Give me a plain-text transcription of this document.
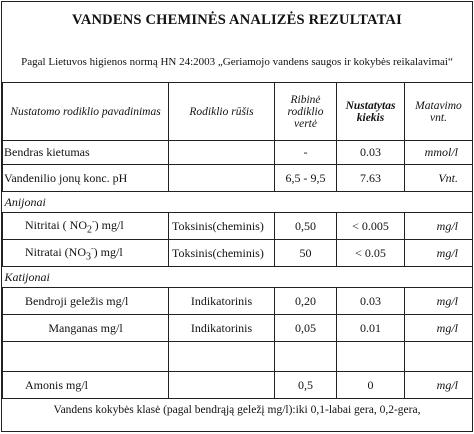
VANDENS CHEMINĖS ANALIZĖS REZULTATAI
Pagal Lietuvos higienos normą HN 24:2003 „Geriamojo vandens saugos ir kokybės reikalavimai“
Nustatomo rodiklio pavadinimas	Rodiklio rūšis	Ribinė rodiklio vertė	Nustatytas kiekis	Matavimo vnt.
Bendras kietumas		-	0.03	mmol/l
Vandenilio jonų konc. pH		6,5 - 9,5	7.63	Vnt.
Anijonai				
Nitritai ( $NO_2^-$) mg/l	Toksinis(cheminis)	0,50	< 0.005	mg/l
Nitratai $(NO_3^-)$ mg/l	Toksinis(cheminis)	50	< 0.05	mg/l
Katijonai				
Bendroji geležis mg/l	Indikatorinis	0,20	0.03	mg/l
Manganas mg/l	Indikatorinis	0,05	0.01	mg/l

Amonis mg/l		0,5	0	mg/l
Vandens kokybės klasė (pagal bendrąją geležį mg/l):iki 0,1-labai gera, 0,2-gera,
